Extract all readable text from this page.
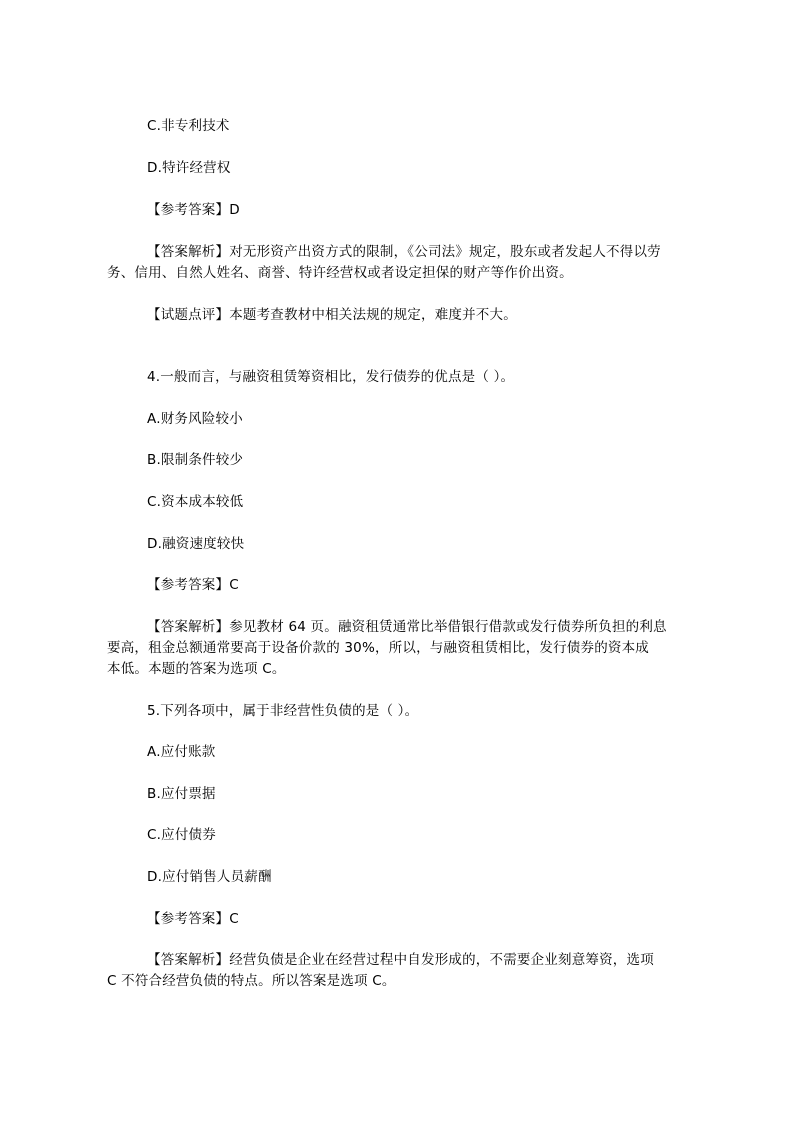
C.非专利技术

D.特许经营权

【参考答案】D

【答案解析】对无形资产出资方式的限制，《公司法》规定，股东或者发起人不得以劳

务、信用、自然人姓名、商誉、特许经营权或者设定担保的财产等作价出资。

【试题点评】本题考查教材中相关法规的规定，难度并不大。

4.一般而言，与融资租赁筹资相比，发行债券的优点是（ ）。

A.财务风险较小

B.限制条件较少

C.资本成本较低

D.融资速度较快

【参考答案】C

【答案解析】参见教材 64 页。融资租赁通常比举借银行借款或发行债券所负担的利息

要高，租金总额通常要高于设备价款的 30%，所以，与融资租赁相比，发行债券的资本成

本低。本题的答案为选项 C。

5.下列各项中，属于非经营性负债的是（ ）。

A.应付账款

B.应付票据

C.应付债券

D.应付销售人员薪酬

【参考答案】C

【答案解析】经营负债是企业在经营过程中自发形成的，不需要企业刻意筹资，选项

C 不符合经营负债的特点。所以答案是选项 C。
